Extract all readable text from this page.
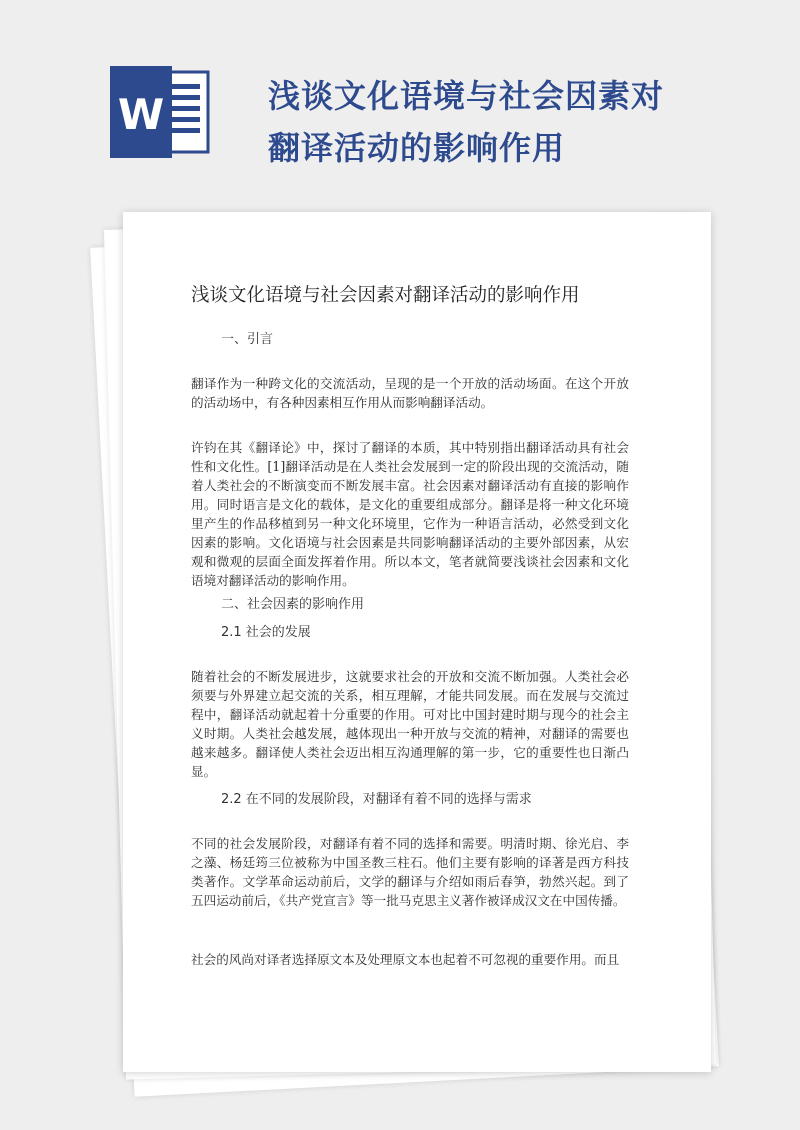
W	浅谈文化语境与社会因素对翻译活动的影响作用
浅谈文化语境与社会因素对翻译活动的影响作用
一、引言
翻译作为一种跨文化的交流活动，呈现的是一个开放的活动场面。在这个开放的活动场中，有各种因素相互作用从而影响翻译活动。
许钧在其《翻译论》中，探讨了翻译的本质，其中特别指出翻译活动具有社会性和文化性。[1]翻译活动是在人类社会发展到一定的阶段出现的交流活动，随着人类社会的不断演变而不断发展丰富。社会因素对翻译活动有直接的影响作用。同时语言是文化的载体，是文化的重要组成部分。翻译是将一种文化环境里产生的作品移植到另一种文化环境里，它作为一种语言活动，必然受到文化因素的影响。文化语境与社会因素是共同影响翻译活动的主要外部因素，从宏观和微观的层面全面发挥着作用。所以本文，笔者就简要浅谈社会因素和文化语境对翻译活动的影响作用。
二、社会因素的影响作用
2.1 社会的发展
随着社会的不断发展进步，这就要求社会的开放和交流不断加强。人类社会必须要与外界建立起交流的关系，相互理解，才能共同发展。而在发展与交流过程中，翻译活动就起着十分重要的作用。可对比中国封建时期与现今的社会主义时期。人类社会越发展，越体现出一种开放与交流的精神，对翻译的需要也越来越多。翻译使人类社会迈出相互沟通理解的第一步，它的重要性也日渐凸显。
2.2 在不同的发展阶段，对翻译有着不同的选择与需求
不同的社会发展阶段，对翻译有着不同的选择和需要。明清时期、徐光启、李之藻、杨廷筠三位被称为中国圣教三柱石。他们主要有影响的译著是西方科技类著作。文学革命运动前后，文学的翻译与介绍如雨后春笋，勃然兴起。到了五四运动前后，《共产党宣言》等一批马克思主义著作被译成汉文在中国传播。
社会的风尚对译者选择原文本及处理原文本也起着不可忽视的重要作用。而且
